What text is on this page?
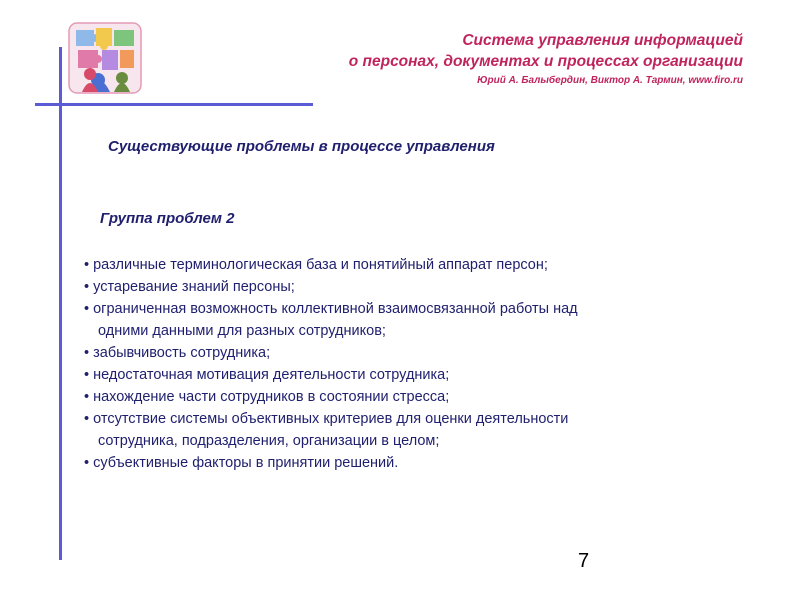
Система управления информацией
о персонах, документах и процессах организации
Юрий А. Балыбердин, Виктор А. Тармин, www.firo.ru
Существующие проблемы в процессе управления
Группа проблем 2
• различные терминологическая база и понятийный аппарат персон;
• устаревание знаний персоны;
• ограниченная возможность коллективной взаимосвязанной работы над
одними данными для разных сотрудников;
• забывчивость сотрудника;
• недостаточная мотивация деятельности сотрудника;
• нахождение части сотрудников в состоянии стресса;
• отсутствие системы объективных критериев для оценки деятельности
сотрудника, подразделения, организации в целом;
• субъективные факторы в принятии решений.
7
